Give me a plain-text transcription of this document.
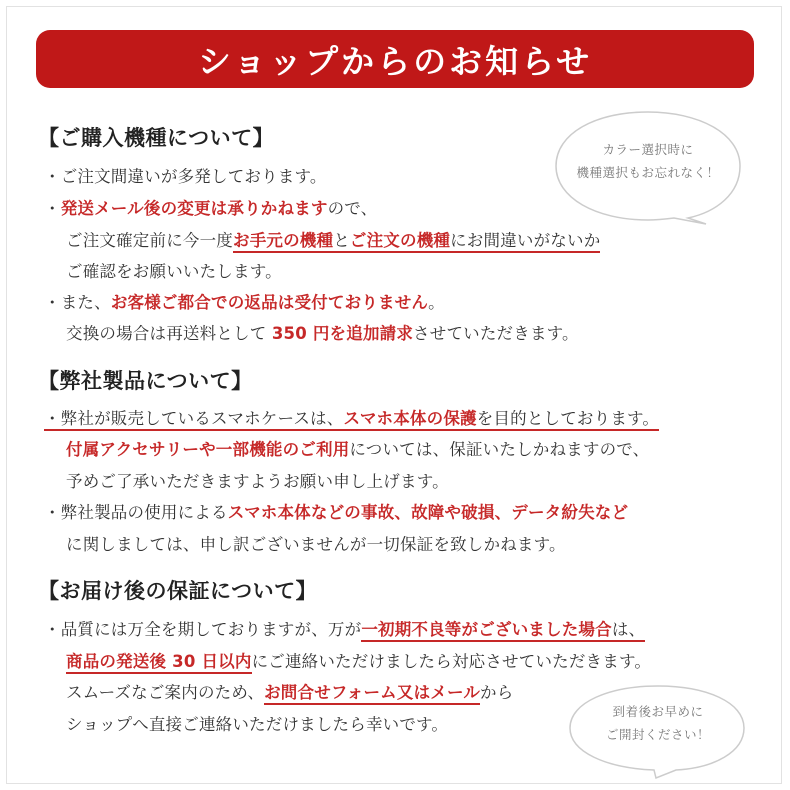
ショップからのお知らせ
カラー選択時に
機種選択もお忘れなく！
到着後お早めに
ご開封ください！
【ご購入機種について】
・ご注文間違いが多発しております。
・発送メール後の変更は承りかねますので、
ご注文確定前に今一度お手元の機種とご注文の機種にお間違いがないか
ご確認をお願いいたします。
・また、お客様ご都合での返品は受付ておりません。
交換の場合は再送料として 350 円を追加請求させていただきます。
【弊社製品について】
・弊社が販売しているスマホケースは、スマホ本体の保護を目的としております。
付属アクセサリーや一部機能のご利用については、保証いたしかねますので、
予めご了承いただきますようお願い申し上げます。
・弊社製品の使用によるスマホ本体などの事故、故障や破損、データ紛失など
に関しましては、申し訳ございませんが一切保証を致しかねます。
【お届け後の保証について】
・品質には万全を期しておりますが、万が一初期不良等がございました場合は、
商品の発送後 30 日以内にご連絡いただけましたら対応させていただきます。
スムーズなご案内のため、お問合せフォーム又はメールから
ショップへ直接ご連絡いただけましたら幸いです。
